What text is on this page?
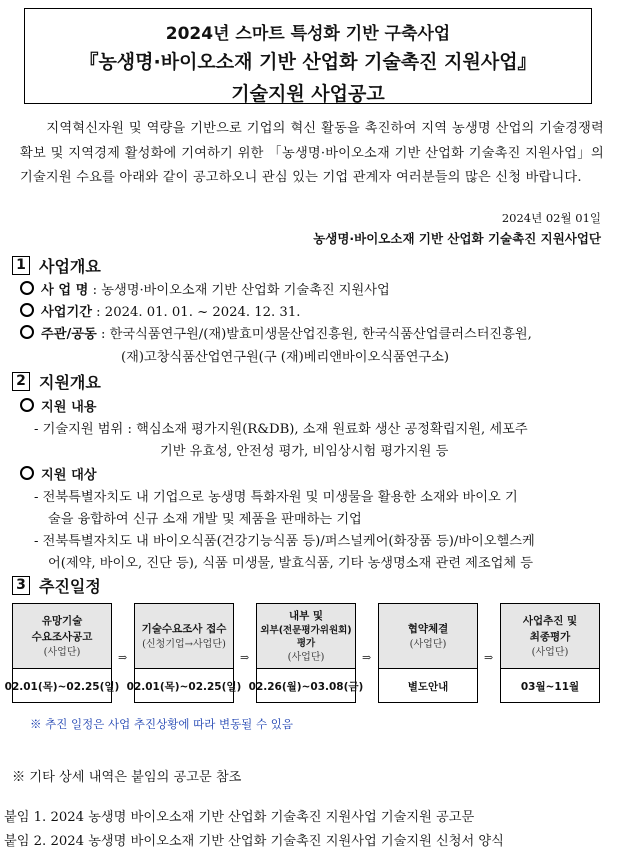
2024년 스마트 특성화 기반 구축사업
『농생명·바이오소재 기반 산업화 기술촉진 지원사업』
기술지원 사업공고
지역혁신자원 및 역량을 기반으로 기업의 혁신 활동을 촉진하여 지역 농생명 산업의 기술경쟁력 확보 및 지역경제 활성화에 기여하기 위한 「농생명·바이오소재 기반 산업화 기술촉진 지원사업」의 기술지원 수요를 아래와 같이 공고하오니 관심 있는 기업 관계자 여러분들의 많은 신청 바랍니다.
2024년 02월 01일
농생명·바이오소재 기반 산업화 기술촉진 지원사업단
1 사업개요
사 업 명 : 농생명·바이오소재 기반 산업화 기술촉진 지원사업
사업기간 : 2024. 01. 01. ~ 2024. 12. 31.
주관/공동 : 한국식품연구원/(재)발효미생물산업진흥원, 한국식품산업클러스터진흥원,
(재)고창식품산업연구원(구 (재)베리앤바이오식품연구소)
2 지원개요
지원 내용
- 기술지원 범위 : 핵심소재 평가지원(R&DB), 소재 원료화 생산 공정확립지원, 세포주
기반 유효성, 안전성 평가, 비임상시험 평가지원 등
지원 대상
- 전북특별자치도 내 기업으로 농생명 특화자원 및 미생물을 활용한 소재와 바이오 기
술을 융합하여 신규 소재 개발 및 제품을 판매하는 기업
- 전북특별자치도 내 바이오식품(건강기능식품 등)/퍼스널케어(화장품 등)/바이오헬스케
어(제약, 바이오, 진단 등), 식품 미생물, 발효식품, 기타 농생명소재 관련 제조업체 등
3 추진일정
유망기술
수요조사공고
(사업단)
02.01(목)~02.25(일)
⇒
기술수요조사 접수
(신청기업→사업단)
02.01(목)~02.25(일)
⇒
내부 및
외부(전문평가위원회) 평가
(사업단)
02.26(월)~03.08(금)
⇒
협약체결
(사업단)
별도안내
⇒
사업추진 및
최종평가
(사업단)
03월~11월
※ 추진 일정은 사업 추진상황에 따라 변동될 수 있음
※ 기타 상세 내역은 붙임의 공고문 참조
붙임 1. 2024 농생명 바이오소재 기반 산업화 기술촉진 지원사업 기술지원 공고문
붙임 2. 2024 농생명 바이오소재 기반 산업화 기술촉진 지원사업 기술지원 신청서 양식
